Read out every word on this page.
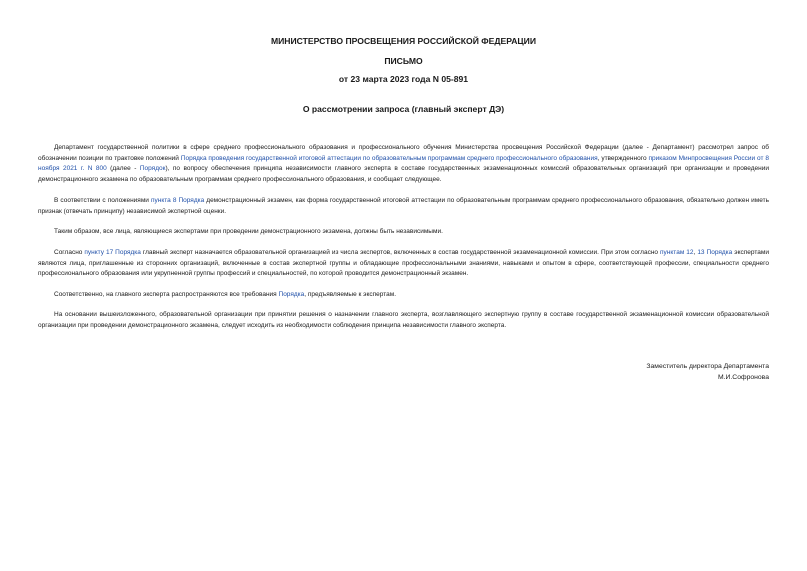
МИНИСТЕРСТВО ПРОСВЕЩЕНИЯ РОССИЙСКОЙ ФЕДЕРАЦИИ
ПИСЬМО
от 23 марта 2023 года N 05-891
О рассмотрении запроса (главный эксперт ДЭ)

Департамент государственной политики в сфере среднего профессионального образования и профессионального обучения Министерства просвещения Российской Федерации (далее - Департамент) рассмотрел запрос об обозначении позиции по трактовке положений Порядка проведения государственной итоговой аттестации по образовательным программам среднего профессионального образования, утвержденного приказом Минпросвещения России от 8 ноября 2021 г. N 800 (далее - Порядок), по вопросу обеспечения принципа независимости главного эксперта в составе государственных экзаменационных комиссий образовательных организаций при организации и проведении демонстрационного экзамена по образовательным программам среднего профессионального образования, и сообщает следующее.

В соответствии с положениями пункта 8 Порядка демонстрационный экзамен, как форма государственной итоговой аттестации по образовательным программам среднего профессионального образования, обязательно должен иметь признак (отвечать принципу) независимой экспертной оценки.

Таким образом, все лица, являющиеся экспертами при проведении демонстрационного экзамена, должны быть независимыми.

Согласно пункту 17 Порядка главный эксперт назначается образовательной организацией из числа экспертов, включенных в состав государственной экзаменационной комиссии. При этом согласно пунктам 12, 13 Порядка экспертами являются лица, приглашенные из сторонних организаций, включенные в состав экспертной группы и обладающие профессиональными знаниями, навыками и опытом в сфере, соответствующей профессии, специальности среднего профессионального образования или укрупненной группы профессий и специальностей, по которой проводится демонстрационный экзамен.

Соответственно, на главного эксперта распространяются все требования Порядка, предъявляемые к экспертам.

На основании вышеизложенного, образовательной организации при принятии решения о назначении главного эксперта, возглавляющего экспертную группу в составе государственной экзаменационной комиссии образовательной организации при проведении демонстрационного экзамена, следует исходить из необходимости соблюдения принципа независимости главного эксперта.

Заместитель директора Департамента
М.И.Софронова
